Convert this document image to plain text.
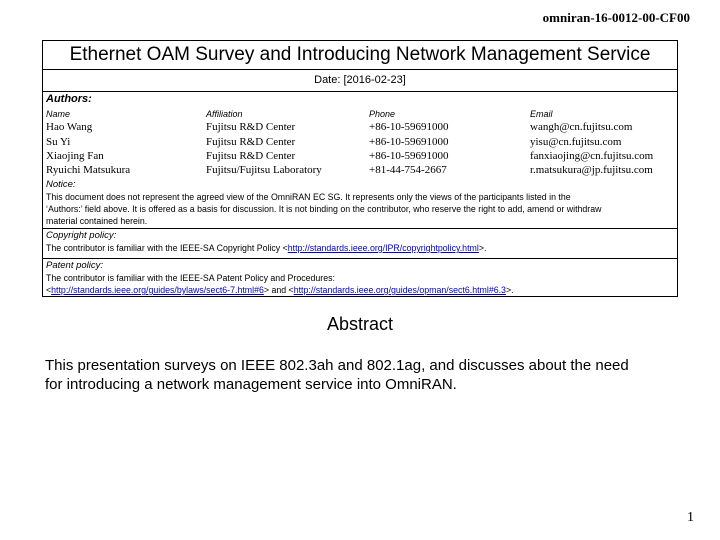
omniran-16-0012-00-CF00
Ethernet OAM Survey and Introducing Network Management Service
Date: [2016-02-23]
Authors:
Name	Affiliation	Phone	Email
Hao Wang	Fujitsu R&D Center	+86-10-59691000	wangh@cn.fujitsu.com
Su Yi	Fujitsu R&D Center	+86-10-59691000	yisu@cn.fujitsu.com
Xiaojing Fan	Fujitsu R&D Center	+86-10-59691000	fanxiaojing@cn.fujitsu.com
Ryuichi Matsukura	Fujitsu/Fujitsu Laboratory	+81-44-754-2667	r.matsukura@jp.fujitsu.com
Notice:
This document does not represent the agreed view of the OmniRAN EC SG. It represents only the views of the participants listed in the
‘Authors:’ field above. It is offered as a basis for discussion. It is not binding on the contributor, who reserve the right to add, amend or withdraw
material contained herein.
Copyright policy:
The contributor is familiar with the IEEE-SA Copyright Policy <http://standards.ieee.org/IPR/copyrightpolicy.html>.
Patent policy:
The contributor is familiar with the IEEE-SA Patent Policy and Procedures:
<http://standards.ieee.org/guides/bylaws/sect6-7.html#6> and <http://standards.ieee.org/guides/opman/sect6.html#6.3>.
Abstract
This presentation surveys on IEEE 802.3ah and 802.1ag, and discusses about the need
for introducing a network management service into OmniRAN.
1
